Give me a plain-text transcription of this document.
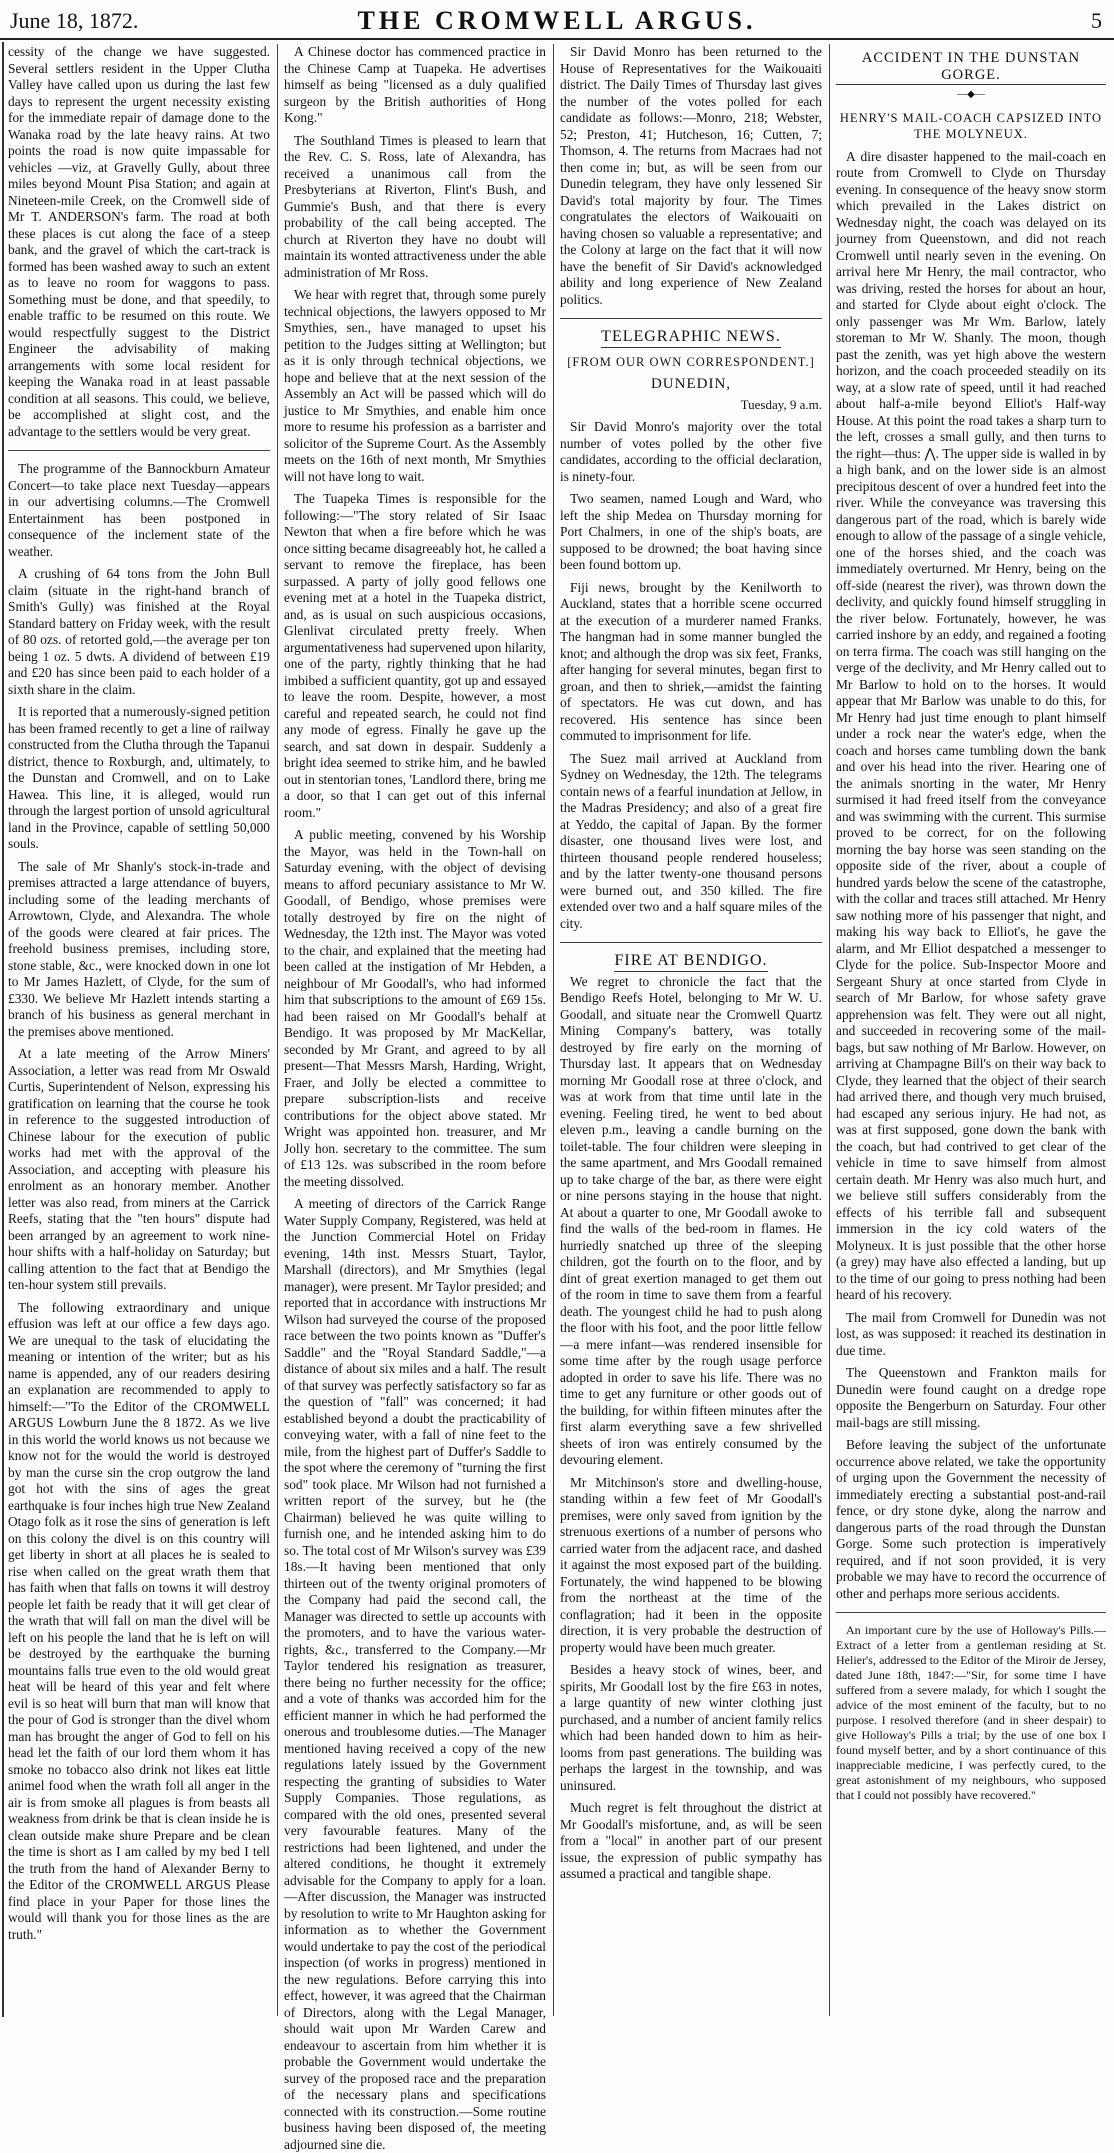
June 18, 1872.	THE CROMWELL ARGUS.	5

cessity of the change we have suggested. Several settlers resident in the Upper Clutha Valley have called upon us during the last few days to represent the urgent necessity existing for the immediate repair of damage done to the Wanaka road by the late heavy rains. At two points the road is now quite impassable for vehicles —viz, at Gravelly Gully, about three miles beyond Mount Pisa Station; and again at Nineteen-mile Creek, on the Cromwell side of Mr T. ANDERSON's farm. The road at both these places is cut along the face of a steep bank, and the gravel of which the cart-track is formed has been washed away to such an extent as to leave no room for waggons to pass. Something must be done, and that speedily, to enable traffic to be resumed on this route. We would respectfully suggest to the District Engineer the advisability of making arrangements with some local resident for keeping the Wanaka road in at least passable condition at all seasons. This could, we believe, be accomplished at slight cost, and the advantage to the settlers would be very great.

The programme of the Bannockburn Amateur Concert—to take place next Tuesday—appears in our advertising columns.—The Cromwell Entertainment has been postponed in consequence of the inclement state of the weather.

A crushing of 64 tons from the John Bull claim (situate in the right-hand branch of Smith's Gully) was finished at the Royal Standard battery on Friday week, with the result of 80 ozs. of retorted gold,—the average per ton being 1 oz. 5 dwts. A dividend of between £19 and £20 has since been paid to each holder of a sixth share in the claim.

It is reported that a numerously-signed petition has been framed recently to get a line of railway constructed from the Clutha through the Tapanui district, thence to Roxburgh, and, ultimately, to the Dunstan and Cromwell, and on to Lake Hawea. This line, it is alleged, would run through the largest portion of unsold agricultural land in the Province, capable of settling 50,000 souls.

The sale of Mr Shanly's stock-in-trade and premises attracted a large attendance of buyers, including some of the leading merchants of Arrowtown, Clyde, and Alexandra. The whole of the goods were cleared at fair prices. The freehold business premises, including store, stone stable, &c., were knocked down in one lot to Mr James Hazlett, of Clyde, for the sum of £330. We believe Mr Hazlett intends starting a branch of his business as general merchant in the premises above mentioned.

At a late meeting of the Arrow Miners' Association, a letter was read from Mr Oswald Curtis, Superintendent of Nelson, expressing his gratification on learning that the course he took in reference to the suggested introduction of Chinese labour for the execution of public works had met with the approval of the Association, and accepting with pleasure his enrolment as an honorary member. Another letter was also read, from miners at the Carrick Reefs, stating that the "ten hours" dispute had been arranged by an agreement to work nine-hour shifts with a half-holiday on Saturday; but calling attention to the fact that at Bendigo the ten-hour system still prevails.

The following extraordinary and unique effusion was left at our office a few days ago. We are unequal to the task of elucidating the meaning or intention of the writer; but as his name is appended, any of our readers desiring an explanation are recommended to apply to himself:—"To the Editor of the CROMWELL ARGUS Lowburn June the 8 1872. As we live in this world the world knows us not because we know not for the would the world is destroyed by man the curse sin the crop outgrow the land got hot with the sins of ages the great earthquake is four inches high true New Zealand Otago folk as it rose the sins of generation is left on this colony the divel is on this country will get liberty in short at all places he is sealed to rise when called on the great wrath them that has faith when that falls on towns it will destroy people let faith be ready that it will get clear of the wrath that will fall on man the divel will be left on his people the land that he is left on will be destroyed by the earthquake the burning mountains falls true even to the old would great heat will be heard of this year and felt where evil is so heat will burn that man will know that the pour of God is stronger than the divel whom man has brought the anger of God to fell on his head let the faith of our lord them whom it has smoke no tobacco also drink not likes eat little animel food when the wrath foll all anger in the air is from smoke all plagues is from beasts all weakness from drink be that is clean inside he is clean outside make shure Prepare and be clean the time is short as I am called by my bed I tell the truth from the hand of Alexander Berny to the Editor of the CROMWELL ARGUS Please find place in your Paper for those lines the would will thank you for those lines as the are truth."

A Chinese doctor has commenced practice in the Chinese Camp at Tuapeka. He advertises himself as being "licensed as a duly qualified surgeon by the British authorities of Hong Kong."

The Southland Times is pleased to learn that the Rev. C. S. Ross, late of Alexandra, has received a unanimous call from the Presbyterians at Riverton, Flint's Bush, and Gummie's Bush, and that there is every probability of the call being accepted. The church at Riverton they have no doubt will maintain its wonted attractiveness under the able administration of Mr Ross.

We hear with regret that, through some purely technical objections, the lawyers opposed to Mr Smythies, sen., have managed to upset his petition to the Judges sitting at Wellington; but as it is only through technical objections, we hope and believe that at the next session of the Assembly an Act will be passed which will do justice to Mr Smythies, and enable him once more to resume his profession as a barrister and solicitor of the Supreme Court. As the Assembly meets on the 16th of next month, Mr Smythies will not have long to wait.

The Tuapeka Times is responsible for the following:—"The story related of Sir Isaac Newton that when a fire before which he was once sitting became disagreeably hot, he called a servant to remove the fireplace, has been surpassed. A party of jolly good fellows one evening met at a hotel in the Tuapeka district, and, as is usual on such auspicious occasions, Glenlivat circulated pretty freely. When argumentativeness had supervened upon hilarity, one of the party, rightly thinking that he had imbibed a sufficient quantity, got up and essayed to leave the room. Despite, however, a most careful and repeated search, he could not find any mode of egress. Finally he gave up the search, and sat down in despair. Suddenly a bright idea seemed to strike him, and he bawled out in stentorian tones, 'Landlord there, bring me a door, so that I can get out of this infernal room."

A public meeting, convened by his Worship the Mayor, was held in the Town-hall on Saturday evening, with the object of devising means to afford pecuniary assistance to Mr W. Goodall, of Bendigo, whose premises were totally destroyed by fire on the night of Wednesday, the 12th inst. The Mayor was voted to the chair, and explained that the meeting had been called at the instigation of Mr Hebden, a neighbour of Mr Goodall's, who had informed him that subscriptions to the amount of £69 15s. had been raised on Mr Goodall's behalf at Bendigo. It was proposed by Mr MacKellar, seconded by Mr Grant, and agreed to by all present—That Messrs Marsh, Harding, Wright, Fraer, and Jolly be elected a committee to prepare subscription-lists and receive contributions for the object above stated. Mr Wright was appointed hon. treasurer, and Mr Jolly hon. secretary to the committee. The sum of £13 12s. was subscribed in the room before the meeting dissolved.

A meeting of directors of the Carrick Range Water Supply Company, Registered, was held at the Junction Commercial Hotel on Friday evening, 14th inst. Messrs Stuart, Taylor, Marshall (directors), and Mr Smythies (legal manager), were present. Mr Taylor presided; and reported that in accordance with instructions Mr Wilson had surveyed the course of the proposed race between the two points known as "Duffer's Saddle" and the "Royal Standard Saddle,"—a distance of about six miles and a half. The result of that survey was perfectly satisfactory so far as the question of "fall" was concerned; it had established beyond a doubt the practicability of conveying water, with a fall of nine feet to the mile, from the highest part of Duffer's Saddle to the spot where the ceremony of "turning the first sod" took place. Mr Wilson had not furnished a written report of the survey, but he (the Chairman) believed he was quite willing to furnish one, and he intended asking him to do so. The total cost of Mr Wilson's survey was £39 18s.—It having been mentioned that only thirteen out of the twenty original promoters of the Company had paid the second call, the Manager was directed to settle up accounts with the promoters, and to have the various water-rights, &c., transferred to the Company.—Mr Taylor tendered his resignation as treasurer, there being no further necessity for the office; and a vote of thanks was accorded him for the efficient manner in which he had performed the onerous and troublesome duties.—The Manager mentioned having received a copy of the new regulations lately issued by the Government respecting the granting of subsidies to Water Supply Companies. Those regulations, as compared with the old ones, presented several very favourable features. Many of the restrictions had been lightened, and under the altered conditions, he thought it extremely advisable for the Company to apply for a loan.—After discussion, the Manager was instructed by resolution to write to Mr Haughton asking for information as to whether the Government would undertake to pay the cost of the periodical inspection (of works in progress) mentioned in the new regulations. Before carrying this into effect, however, it was agreed that the Chairman of Directors, along with the Legal Manager, should wait upon Mr Warden Carew and endeavour to ascertain from him whether it is probable the Government would undertake the survey of the proposed race and the preparation of the necessary plans and specifications connected with its construction.—Some routine business having been disposed of, the meeting adjourned sine die.

Sir David Monro has been returned to the House of Representatives for the Waikouaiti district. The Daily Times of Thursday last gives the number of the votes polled for each candidate as follows:—Monro, 218; Webster, 52; Preston, 41; Hutcheson, 16; Cutten, 7; Thomson, 4. The returns from Macraes had not then come in; but, as will be seen from our Dunedin telegram, they have only lessened Sir David's total majority by four. The Times congratulates the electors of Waikouaiti on having chosen so valuable a representative; and the Colony at large on the fact that it will now have the benefit of Sir David's acknowledged ability and long experience of New Zealand politics.

TELEGRAPHIC NEWS.
[FROM OUR OWN CORRESPONDENT.]
DUNEDIN,
Tuesday, 9 a.m.

Sir David Monro's majority over the total number of votes polled by the other five candidates, according to the official declaration, is ninety-four.

Two seamen, named Lough and Ward, who left the ship Medea on Thursday morning for Port Chalmers, in one of the ship's boats, are supposed to be drowned; the boat having since been found bottom up.

Fiji news, brought by the Kenilworth to Auckland, states that a horrible scene occurred at the execution of a murderer named Franks. The hangman had in some manner bungled the knot; and although the drop was six feet, Franks, after hanging for several minutes, began first to groan, and then to shriek,—amidst the fainting of spectators. He was cut down, and has recovered. His sentence has since been commuted to imprisonment for life.

The Suez mail arrived at Auckland from Sydney on Wednesday, the 12th. The telegrams contain news of a fearful inundation at Jellow, in the Madras Presidency; and also of a great fire at Yeddo, the capital of Japan. By the former disaster, one thousand lives were lost, and thirteen thousand people rendered houseless; and by the latter twenty-one thousand persons were burned out, and 350 killed. The fire extended over two and a half square miles of the city.

FIRE AT BENDIGO.

We regret to chronicle the fact that the Bendigo Reefs Hotel, belonging to Mr W. U. Goodall, and situate near the Cromwell Quartz Mining Company's battery, was totally destroyed by fire early on the morning of Thursday last. It appears that on Wednesday morning Mr Goodall rose at three o'clock, and was at work from that time until late in the evening. Feeling tired, he went to bed about eleven p.m., leaving a candle burning on the toilet-table. The four children were sleeping in the same apartment, and Mrs Goodall remained up to take charge of the bar, as there were eight or nine persons staying in the house that night. At about a quarter to one, Mr Goodall awoke to find the walls of the bed-room in flames. He hurriedly snatched up three of the sleeping children, got the fourth on to the floor, and by dint of great exertion managed to get them out of the room in time to save them from a fearful death. The youngest child he had to push along the floor with his foot, and the poor little fellow—a mere infant—was rendered insensible for some time after by the rough usage perforce adopted in order to save his life. There was no time to get any furniture or other goods out of the building, for within fifteen minutes after the first alarm everything save a few shrivelled sheets of iron was entirely consumed by the devouring element.

Mr Mitchinson's store and dwelling-house, standing within a few feet of Mr Goodall's premises, were only saved from ignition by the strenuous exertions of a number of persons who carried water from the adjacent race, and dashed it against the most exposed part of the building. Fortunately, the wind happened to be blowing from the northeast at the time of the conflagration; had it been in the opposite direction, it is very probable the destruction of property would have been much greater.

Besides a heavy stock of wines, beer, and spirits, Mr Goodall lost by the fire £63 in notes, a large quantity of new winter clothing just purchased, and a number of ancient family relics which had been handed down to him as heir-looms from past generations. The building was perhaps the largest in the township, and was uninsured.

Much regret is felt throughout the district at Mr Goodall's misfortune, and, as will be seen from a "local" in another part of our present issue, the expression of public sympathy has assumed a practical and tangible shape.

ACCIDENT IN THE DUNSTAN GORGE.
—◆—
HENRY'S MAIL-COACH CAPSIZED INTO THE MOLYNEUX.

A dire disaster happened to the mail-coach en route from Cromwell to Clyde on Thursday evening. In consequence of the heavy snow storm which prevailed in the Lakes district on Wednesday night, the coach was delayed on its journey from Queenstown, and did not reach Cromwell until nearly seven in the evening. On arrival here Mr Henry, the mail contractor, who was driving, rested the horses for about an hour, and started for Clyde about eight o'clock. The only passenger was Mr Wm. Barlow, lately storeman to Mr W. Shanly. The moon, though past the zenith, was yet high above the western horizon, and the coach proceeded steadily on its way, at a slow rate of speed, until it had reached about half-a-mile beyond Elliot's Half-way House. At this point the road takes a sharp turn to the left, crosses a small gully, and then turns to the right—thus: ⋀. The upper side is walled in by a high bank, and on the lower side is an almost precipitous descent of over a hundred feet into the river. While the conveyance was traversing this dangerous part of the road, which is barely wide enough to allow of the passage of a single vehicle, one of the horses shied, and the coach was immediately overturned. Mr Henry, being on the off-side (nearest the river), was thrown down the declivity, and quickly found himself struggling in the river below. Fortunately, however, he was carried inshore by an eddy, and regained a footing on terra firma. The coach was still hanging on the verge of the declivity, and Mr Henry called out to Mr Barlow to hold on to the horses. It would appear that Mr Barlow was unable to do this, for Mr Henry had just time enough to plant himself under a rock near the water's edge, when the coach and horses came tumbling down the bank and over his head into the river. Hearing one of the animals snorting in the water, Mr Henry surmised it had freed itself from the conveyance and was swimming with the current. This surmise proved to be correct, for on the following morning the bay horse was seen standing on the opposite side of the river, about a couple of hundred yards below the scene of the catastrophe, with the collar and traces still attached. Mr Henry saw nothing more of his passenger that night, and making his way back to Elliot's, he gave the alarm, and Mr Elliot despatched a messenger to Clyde for the police. Sub-Inspector Moore and Sergeant Shury at once started from Clyde in search of Mr Barlow, for whose safety grave apprehension was felt. They were out all night, and succeeded in recovering some of the mail-bags, but saw nothing of Mr Barlow. However, on arriving at Champagne Bill's on their way back to Clyde, they learned that the object of their search had arrived there, and though very much bruised, had escaped any serious injury. He had not, as was at first supposed, gone down the bank with the coach, but had contrived to get clear of the vehicle in time to save himself from almost certain death. Mr Henry was also much hurt, and we believe still suffers considerably from the effects of his terrible fall and subsequent immersion in the icy cold waters of the Molyneux. It is just possible that the other horse (a grey) may have also effected a landing, but up to the time of our going to press nothing had been heard of his recovery.

The mail from Cromwell for Dunedin was not lost, as was supposed: it reached its destination in due time.

The Queenstown and Frankton mails for Dunedin were found caught on a dredge rope opposite the Bengerburn on Saturday. Four other mail-bags are still missing.

Before leaving the subject of the unfortunate occurrence above related, we take the opportunity of urging upon the Government the necessity of immediately erecting a substantial post-and-rail fence, or dry stone dyke, along the narrow and dangerous parts of the road through the Dunstan Gorge. Some such protection is imperatively required, and if not soon provided, it is very probable we may have to record the occurrence of other and perhaps more serious accidents.

An important cure by the use of Holloway's Pills.—Extract of a letter from a gentleman residing at St. Helier's, addressed to the Editor of the Miroir de Jersey, dated June 18th, 1847:—"Sir, for some time I have suffered from a severe malady, for which I sought the advice of the most eminent of the faculty, but to no purpose. I resolved therefore (and in sheer despair) to give Holloway's Pills a trial; by the use of one box I found myself better, and by a short continuance of this inappreciable medicine, I was perfectly cured, to the great astonishment of my neighbours, who supposed that I could not possibly have recovered."
